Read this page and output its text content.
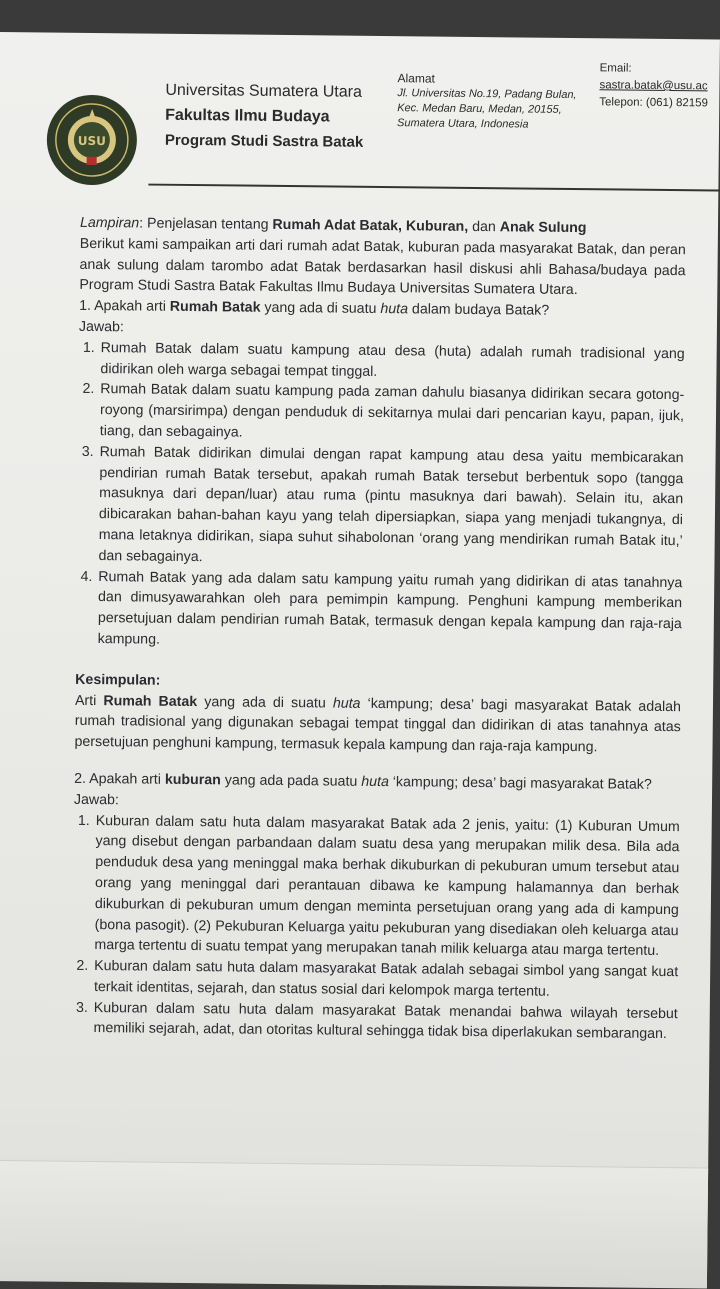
USU
Universitas Sumatera Utara
Fakultas Ilmu Budaya
Program Studi Sastra Batak
Alamat
Jl. Universitas No.19, Padang Bulan, Kec. Medan Baru, Medan, 20155, Sumatera Utara, Indonesia
Email:
sastra.batak@usu.ac
Telepon: (061) 82159

Lampiran: Penjelasan tentang Rumah Adat Batak, Kuburan, dan Anak Sulung

Berikut kami sampaikan arti dari rumah adat Batak, kuburan pada masyarakat Batak, dan peran anak sulung dalam tarombo adat Batak berdasarkan hasil diskusi ahli Bahasa/budaya pada Program Studi Sastra Batak Fakultas Ilmu Budaya Universitas Sumatera Utara.

1. Apakah arti Rumah Batak yang ada di suatu huta dalam budaya Batak?

Jawab:

1. Rumah Batak dalam suatu kampung atau desa (huta) adalah rumah tradisional yang didirikan oleh warga sebagai tempat tinggal.
2. Rumah Batak dalam suatu kampung pada zaman dahulu biasanya didirikan secara gotong-royong (marsirimpa) dengan penduduk di sekitarnya mulai dari pencarian kayu, papan, ijuk, tiang, dan sebagainya.
3. Rumah Batak didirikan dimulai dengan rapat kampung atau desa yaitu membicarakan pendirian rumah Batak tersebut, apakah rumah Batak tersebut berbentuk sopo (tangga masuknya dari depan/luar) atau ruma (pintu masuknya dari bawah). Selain itu, akan dibicarakan bahan-bahan kayu yang telah dipersiapkan, siapa yang menjadi tukangnya, di mana letaknya didirikan, siapa suhut sihabolonan ‘orang yang mendirikan rumah Batak itu,’ dan sebagainya.
4. Rumah Batak yang ada dalam satu kampung yaitu rumah yang didirikan di atas tanahnya dan dimusyawarahkan oleh para pemimpin kampung. Penghuni kampung memberikan persetujuan dalam pendirian rumah Batak, termasuk dengan kepala kampung dan raja-raja kampung.

Kesimpulan:

Arti Rumah Batak yang ada di suatu huta ‘kampung; desa’ bagi masyarakat Batak adalah rumah tradisional yang digunakan sebagai tempat tinggal dan didirikan di atas tanahnya atas persetujuan penghuni kampung, termasuk kepala kampung dan raja-raja kampung.

2. Apakah arti kuburan yang ada pada suatu huta ‘kampung; desa’ bagi masyarakat Batak?

Jawab:

1. Kuburan dalam satu huta dalam masyarakat Batak ada 2 jenis, yaitu: (1) Kuburan Umum yang disebut dengan parbandaan dalam suatu desa yang merupakan milik desa. Bila ada penduduk desa yang meninggal maka berhak dikuburkan di pekuburan umum tersebut atau orang yang meninggal dari perantauan dibawa ke kampung halamannya dan berhak dikuburkan di pekuburan umum dengan meminta persetujuan orang yang ada di kampung (bona pasogit). (2) Pekuburan Keluarga yaitu pekuburan yang disediakan oleh keluarga atau marga tertentu di suatu tempat yang merupakan tanah milik keluarga atau marga tertentu.
2. Kuburan dalam satu huta dalam masyarakat Batak adalah sebagai simbol yang sangat kuat terkait identitas, sejarah, dan status sosial dari kelompok marga tertentu.
3. Kuburan dalam satu huta dalam masyarakat Batak menandai bahwa wilayah tersebut memiliki sejarah, adat, dan otoritas kultural sehingga tidak bisa diperlakukan sembarangan.
